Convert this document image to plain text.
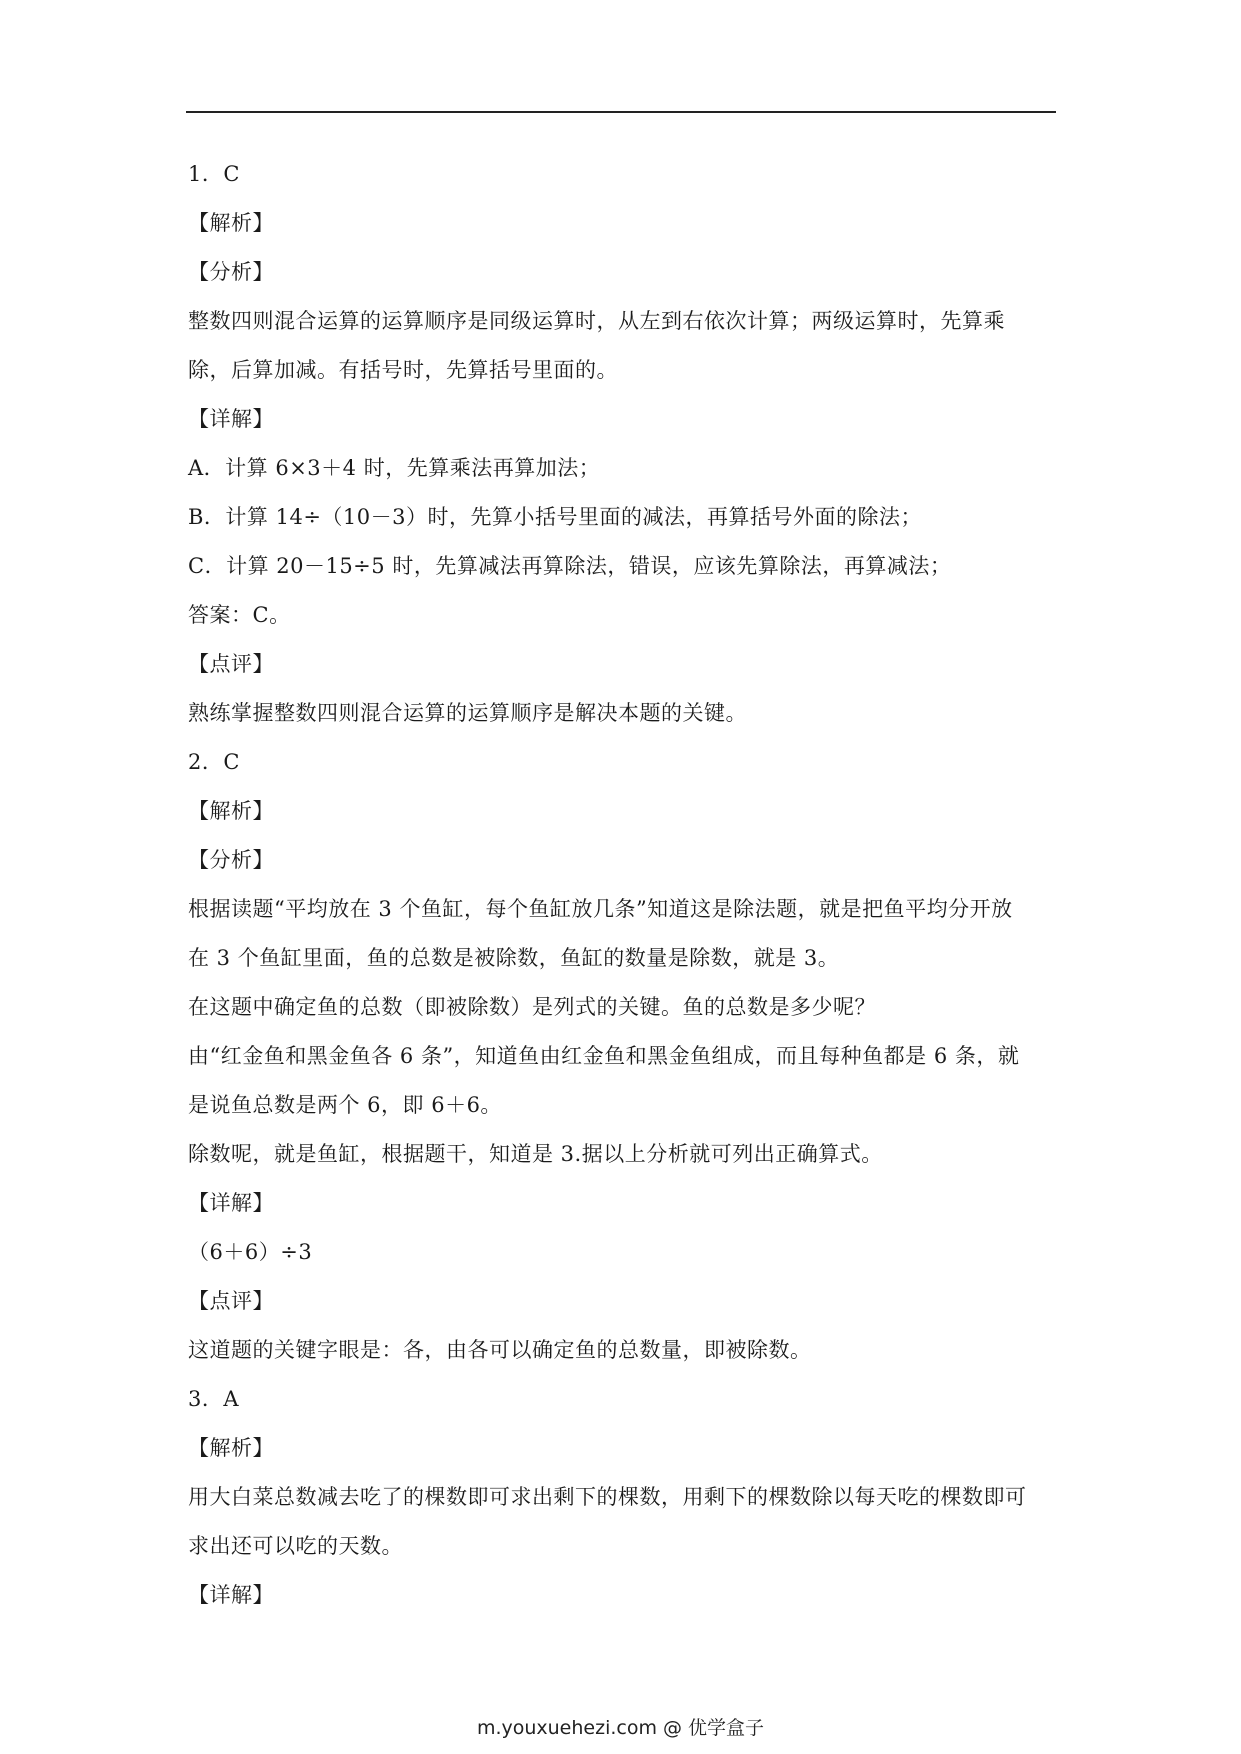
1．C
【解析】
【分析】
整数四则混合运算的运算顺序是同级运算时，从左到右依次计算；两级运算时，先算乘
除，后算加减。有括号时，先算括号里面的。
【详解】
A．计算 6×3＋4 时，先算乘法再算加法；
B．计算 14÷（10－3）时，先算小括号里面的减法，再算括号外面的除法；
C．计算 20－15÷5 时，先算减法再算除法，错误，应该先算除法，再算减法；
答案：C。
【点评】
熟练掌握整数四则混合运算的运算顺序是解决本题的关键。
2．C
【解析】
【分析】
根据读题“平均放在 3 个鱼缸，每个鱼缸放几条”知道这是除法题，就是把鱼平均分开放
在 3 个鱼缸里面，鱼的总数是被除数，鱼缸的数量是除数，就是 3。
在这题中确定鱼的总数（即被除数）是列式的关键。鱼的总数是多少呢？
由“红金鱼和黑金鱼各 6 条”，知道鱼由红金鱼和黑金鱼组成，而且每种鱼都是 6 条，就
是说鱼总数是两个 6，即 6＋6。
除数呢，就是鱼缸，根据题干，知道是 3.据以上分析就可列出正确算式。
【详解】
（6＋6）÷3
【点评】
这道题的关键字眼是：各，由各可以确定鱼的总数量，即被除数。
3．A
【解析】
用大白菜总数减去吃了的棵数即可求出剩下的棵数，用剩下的棵数除以每天吃的棵数即可
求出还可以吃的天数。
【详解】
m.youxuehezi.com @ 优学盒子
